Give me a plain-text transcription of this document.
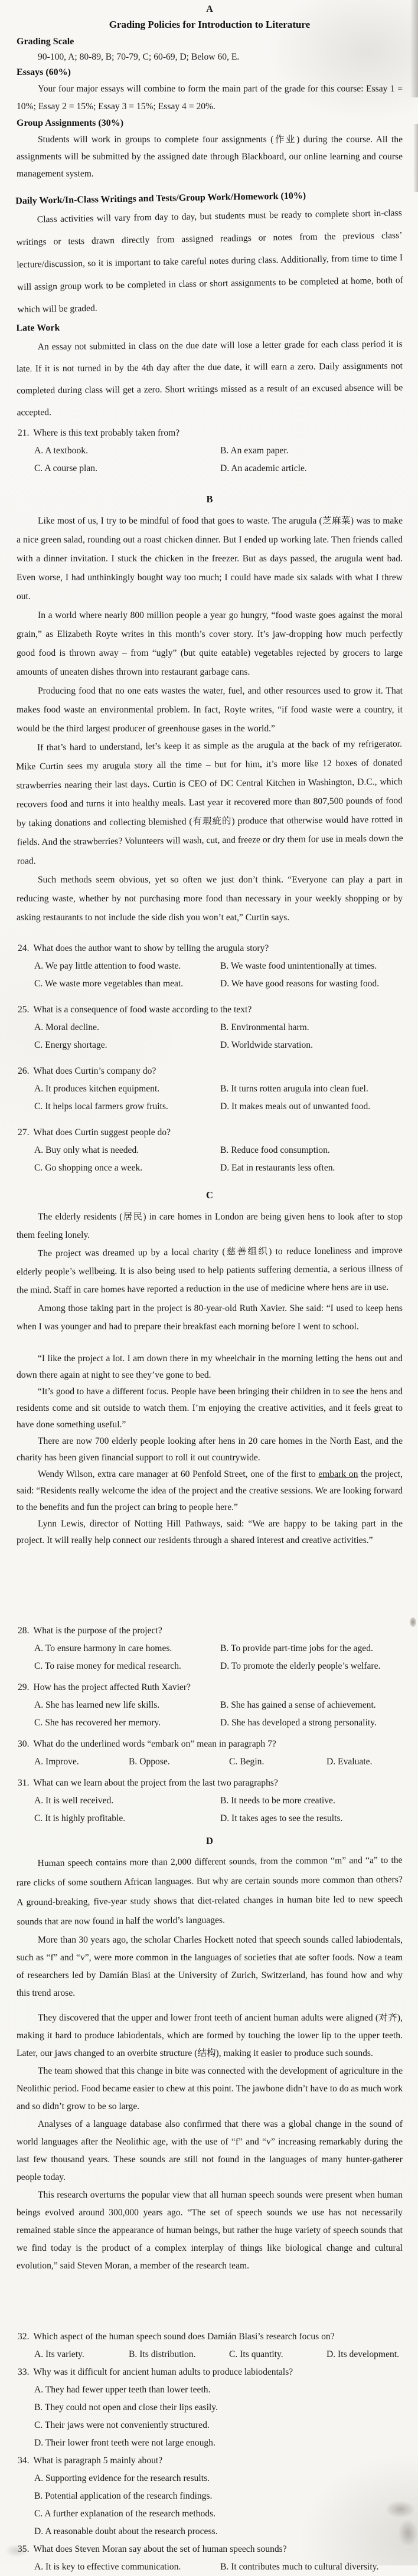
A
Grading Policies for Introduction to Literature
Grading Scale

90-100, A; 80-89, B; 70-79, C; 60-69, D; Below 60, E.

Essays (60%)

Your four major essays will combine to form the main part of the grade for this course: Essay 1 = 10%; Essay 2 = 15%; Essay 3 = 15%; Essay 4 = 20%.

Group Assignments (30%)

Students will work in groups to complete four assignments (作业) during the course. All the assignments will be submitted by the assigned date through Blackboard, our online learning and course management system.

Daily Work/In-Class Writings and Tests/Group Work/Homework (10%)

Class activities will vary from day to day, but students must be ready to complete short in-class writings or tests drawn directly from assigned readings or notes from the previous class’ lecture/discussion, so it is important to take careful notes during class. Additionally, from time to time I will assign group work to be completed in class or short assignments to be completed at home, both of which will be graded.

Late Work

An essay not submitted in class on the due date will lose a letter grade for each class period it is late. If it is not turned in by the 4th day after the due date, it will earn a zero. Daily assignments not completed during class will get a zero. Short writings missed as a result of an excused absence will be accepted.

21. Where is this text probably taken from?
A. A textbook.	B. An exam paper.
C. A course plan.	D. An academic article.
B

Like most of us, I try to be mindful of food that goes to waste. The arugula (芝麻菜) was to make a nice green salad, rounding out a roast chicken dinner. But I ended up working late. Then friends called with a dinner invitation. I stuck the chicken in the freezer. But as days passed, the arugula went bad. Even worse, I had unthinkingly bought way too much; I could have made six salads with what I threw out.

In a world where nearly 800 million people a year go hungry, “food waste goes against the moral grain,” as Elizabeth Royte writes in this month’s cover story. It’s jaw-dropping how much perfectly good food is thrown away – from “ugly” (but quite eatable) vegetables rejected by grocers to large amounts of uneaten dishes thrown into restaurant garbage cans.

Producing food that no one eats wastes the water, fuel, and other resources used to grow it. That makes food waste an environmental problem. In fact, Royte writes, “if food waste were a country, it would be the third largest producer of greenhouse gases in the world.”

If that’s hard to understand, let’s keep it as simple as the arugula at the back of my refrigerator. Mike Curtin sees my arugula story all the time – but for him, it’s more like 12 boxes of donated strawberries nearing their last days. Curtin is CEO of DC Central Kitchen in Washington, D.C., which recovers food and turns it into healthy meals. Last year it recovered more than 807,500 pounds of food by taking donations and collecting blemished (有瑕疵的) produce that otherwise would have rotted in fields. And the strawberries? Volunteers will wash, cut, and freeze or dry them for use in meals down the road.

Such methods seem obvious, yet so often we just don’t think. “Everyone can play a part in reducing waste, whether by not purchasing more food than necessary in your weekly shopping or by asking restaurants to not include the side dish you won’t eat,” Curtin says.

24. What does the author want to show by telling the arugula story?
A. We pay little attention to food waste.	B. We waste food unintentionally at times.
C. We waste more vegetables than meat.	D. We have good reasons for wasting food.
25. What is a consequence of food waste according to the text?
A. Moral decline.	B. Environmental harm.
C. Energy shortage.	D. Worldwide starvation.
26. What does Curtin’s company do?
A. It produces kitchen equipment.	B. It turns rotten arugula into clean fuel.
C. It helps local farmers grow fruits.	D. It makes meals out of unwanted food.
27. What does Curtin suggest people do?
A. Buy only what is needed.	B. Reduce food consumption.
C. Go shopping once a week.	D. Eat in restaurants less often.
C

The elderly residents (居民) in care homes in London are being given hens to look after to stop them feeling lonely.

The project was dreamed up by a local charity (慈善组织) to reduce loneliness and improve elderly people’s wellbeing. It is also being used to help patients suffering dementia, a serious illness of the mind. Staff in care homes have reported a reduction in the use of medicine where hens are in use.

Among those taking part in the project is 80-year-old Ruth Xavier. She said: “I used to keep hens when I was younger and had to prepare their breakfast each morning before I went to school.

“I like the project a lot. I am down there in my wheelchair in the morning letting the hens out and down there again at night to see they’ve gone to bed.

“It’s good to have a different focus. People have been bringing their children in to see the hens and residents come and sit outside to watch them. I’m enjoying the creative activities, and it feels great to have done something useful.”

There are now 700 elderly people looking after hens in 20 care homes in the North East, and the charity has been given financial support to roll it out countrywide.

Wendy Wilson, extra care manager at 60 Penfold Street, one of the first to embark on the project, said: “Residents really welcome the idea of the project and the creative sessions. We are looking forward to the benefits and fun the project can bring to people here.”

Lynn Lewis, director of Notting Hill Pathways, said: “We are happy to be taking part in the project. It will really help connect our residents through a shared interest and creative activities.”

28. What is the purpose of the project?
A. To ensure harmony in care homes.	B. To provide part-time jobs for the aged.
C. To raise money for medical research.	D. To promote the elderly people’s welfare.
29. How has the project affected Ruth Xavier?
A. She has learned new life skills.	B. She has gained a sense of achievement.
C. She has recovered her memory.	D. She has developed a strong personality.
30. What do the underlined words “embark on” mean in paragraph 7?
A. Improve.	B. Oppose.	C. Begin.	D. Evaluate.
31. What can we learn about the project from the last two paragraphs?
A. It is well received.	B. It needs to be more creative.
C. It is highly profitable.	D. It takes ages to see the results.
D

Human speech contains more than 2,000 different sounds, from the common “m” and “a” to the rare clicks of some southern African languages. But why are certain sounds more common than others? A ground-breaking, five-year study shows that diet-related changes in human bite led to new speech sounds that are now found in half the world’s languages.

More than 30 years ago, the scholar Charles Hockett noted that speech sounds called labiodentals, such as “f” and “v”, were more common in the languages of societies that ate softer foods. Now a team of researchers led by Damián Blasi at the University of Zurich, Switzerland, has found how and why this trend arose.

They discovered that the upper and lower front teeth of ancient human adults were aligned (对齐), making it hard to produce labiodentals, which are formed by touching the lower lip to the upper teeth. Later, our jaws changed to an overbite structure (结构), making it easier to produce such sounds.

The team showed that this change in bite was connected with the development of agriculture in the Neolithic period. Food became easier to chew at this point. The jawbone didn’t have to do as much work and so didn’t grow to be so large.

Analyses of a language database also confirmed that there was a global change in the sound of world languages after the Neolithic age, with the use of “f” and “v” increasing remarkably during the last few thousand years. These sounds are still not found in the languages of many hunter-gatherer people today.

This research overturns the popular view that all human speech sounds were present when human beings evolved around 300,000 years ago. “The set of speech sounds we use has not necessarily remained stable since the appearance of human beings, but rather the huge variety of speech sounds that we find today is the product of a complex interplay of things like biological change and cultural evolution,” said Steven Moran, a member of the research team.

32. Which aspect of the human speech sound does Damián Blasi’s research focus on?
A. Its variety.	B. Its distribution.	C. Its quantity.	D. Its development.
33. Why was it difficult for ancient human adults to produce labiodentals?
A. They had fewer upper teeth than lower teeth.
B. They could not open and close their lips easily.
C. Their jaws were not conveniently structured.
D. Their lower front teeth were not large enough.
34. What is paragraph 5 mainly about?
A. Supporting evidence for the research results.
B. Potential application of the research findings.
C. A further explanation of the research methods.
D. A reasonable doubt about the research process.
35. What does Steven Moran say about the set of human speech sounds?
A. It is key to effective communication.	B. It contributes much to cultural diversity.
